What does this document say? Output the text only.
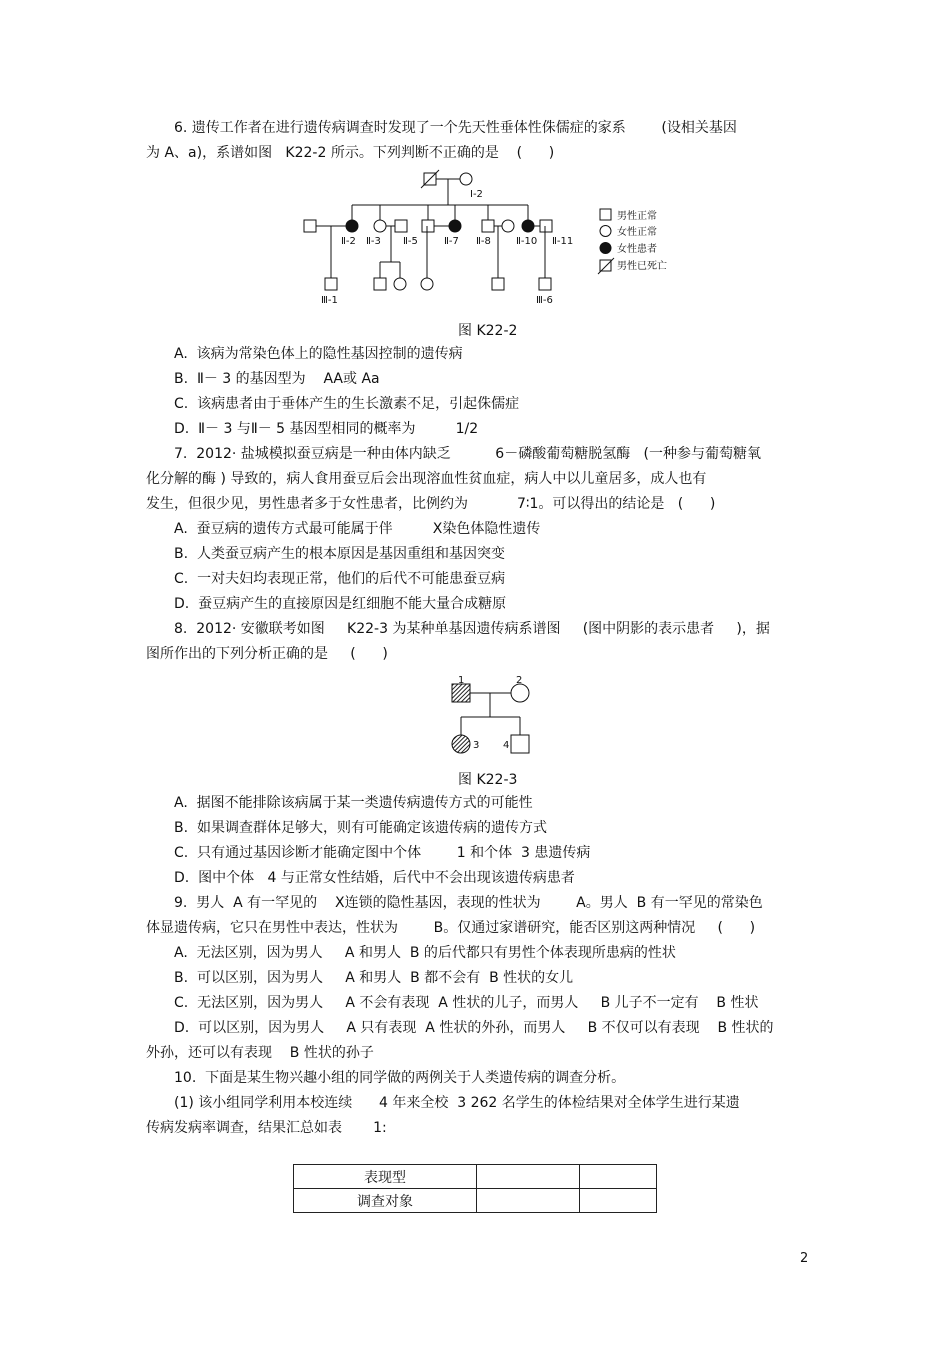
6. 遗传工作者在进行遗传病调查时发现了一个先天性垂体性侏儒症的家系        (设相关基因
为 A、a)，系谱如图   K22-2 所示。下列判断不正确的是    (      )
Ⅰ-2
Ⅱ-2 Ⅱ-3 Ⅱ-5	Ⅱ-7 Ⅱ-8	Ⅱ-10 Ⅱ-11
Ⅲ-1	Ⅲ-6
男性正常
女性正常
女性患者
男性已死亡
图 K22-2
A.  该病为常染色体上的隐性基因控制的遗传病
B.  Ⅱ－ 3 的基因型为    AA或 Aa
C.  该病患者由于垂体产生的生长激素不足，引起侏儒症
D.  Ⅱ－ 3 与Ⅱ－ 5 基因型相同的概率为         1/2
7.  2012· 盐城模拟蚕豆病是一种由体内缺乏          6－磷酸葡萄糖脱氢酶   (一种参与葡萄糖氧
化分解的酶 ) 导致的，病人食用蚕豆后会出现溶血性贫血症，病人中以儿童居多，成人也有
发生，但很少见，男性患者多于女性患者，比例约为           7∶1。可以得出的结论是   (      )
A.  蚕豆病的遗传方式最可能属于伴         X染色体隐性遗传
B.  人类蚕豆病产生的根本原因是基因重组和基因突变
C.  一对夫妇均表现正常，他们的后代不可能患蚕豆病
D.  蚕豆病产生的直接原因是红细胞不能大量合成糖原
8.  2012· 安徽联考如图     K22-3 为某种单基因遗传病系谱图     (图中阴影的表示患者     )，据
图所作出的下列分析正确的是     (      )
1	2
3 4
图 K22-3
A.  据图不能排除该病属于某一类遗传病遗传方式的可能性
B.  如果调查群体足够大，则有可能确定该遗传病的遗传方式
C.  只有通过基因诊断才能确定图中个体        1 和个体  3 患遗传病
D.  图中个体   4 与正常女性结婚，后代中不会出现该遗传病患者
9.  男人  A 有一罕见的    X连锁的隐性基因，表现的性状为        A。男人  B 有一罕见的常染色
体显遗传病，它只在男性中表达，性状为        B。仅通过家谱研究，能否区别这两种情况     (      )
A.  无法区别，因为男人     A 和男人  B 的后代都只有男性个体表现所患病的性状
B.  可以区别，因为男人     A 和男人  B 都不会有  B 性状的女儿
C.  无法区别，因为男人     A 不会有表现  A 性状的儿子，而男人     B 儿子不一定有    B 性状
D.  可以区别，因为男人     A 只有表现  A 性状的外孙，而男人     B 不仅可以有表现    B 性状的
外孙，还可以有表现    B 性状的孙子
10.  下面是某生物兴趣小组的同学做的两例关于人类遗传病的调查分析。
(1) 该小组同学利用本校连续      4 年来全校  3 262 名学生的体检结果对全体学生进行某遗
传病发病率调查，结果汇总如表       1:
表现型		
调查对象		
2
